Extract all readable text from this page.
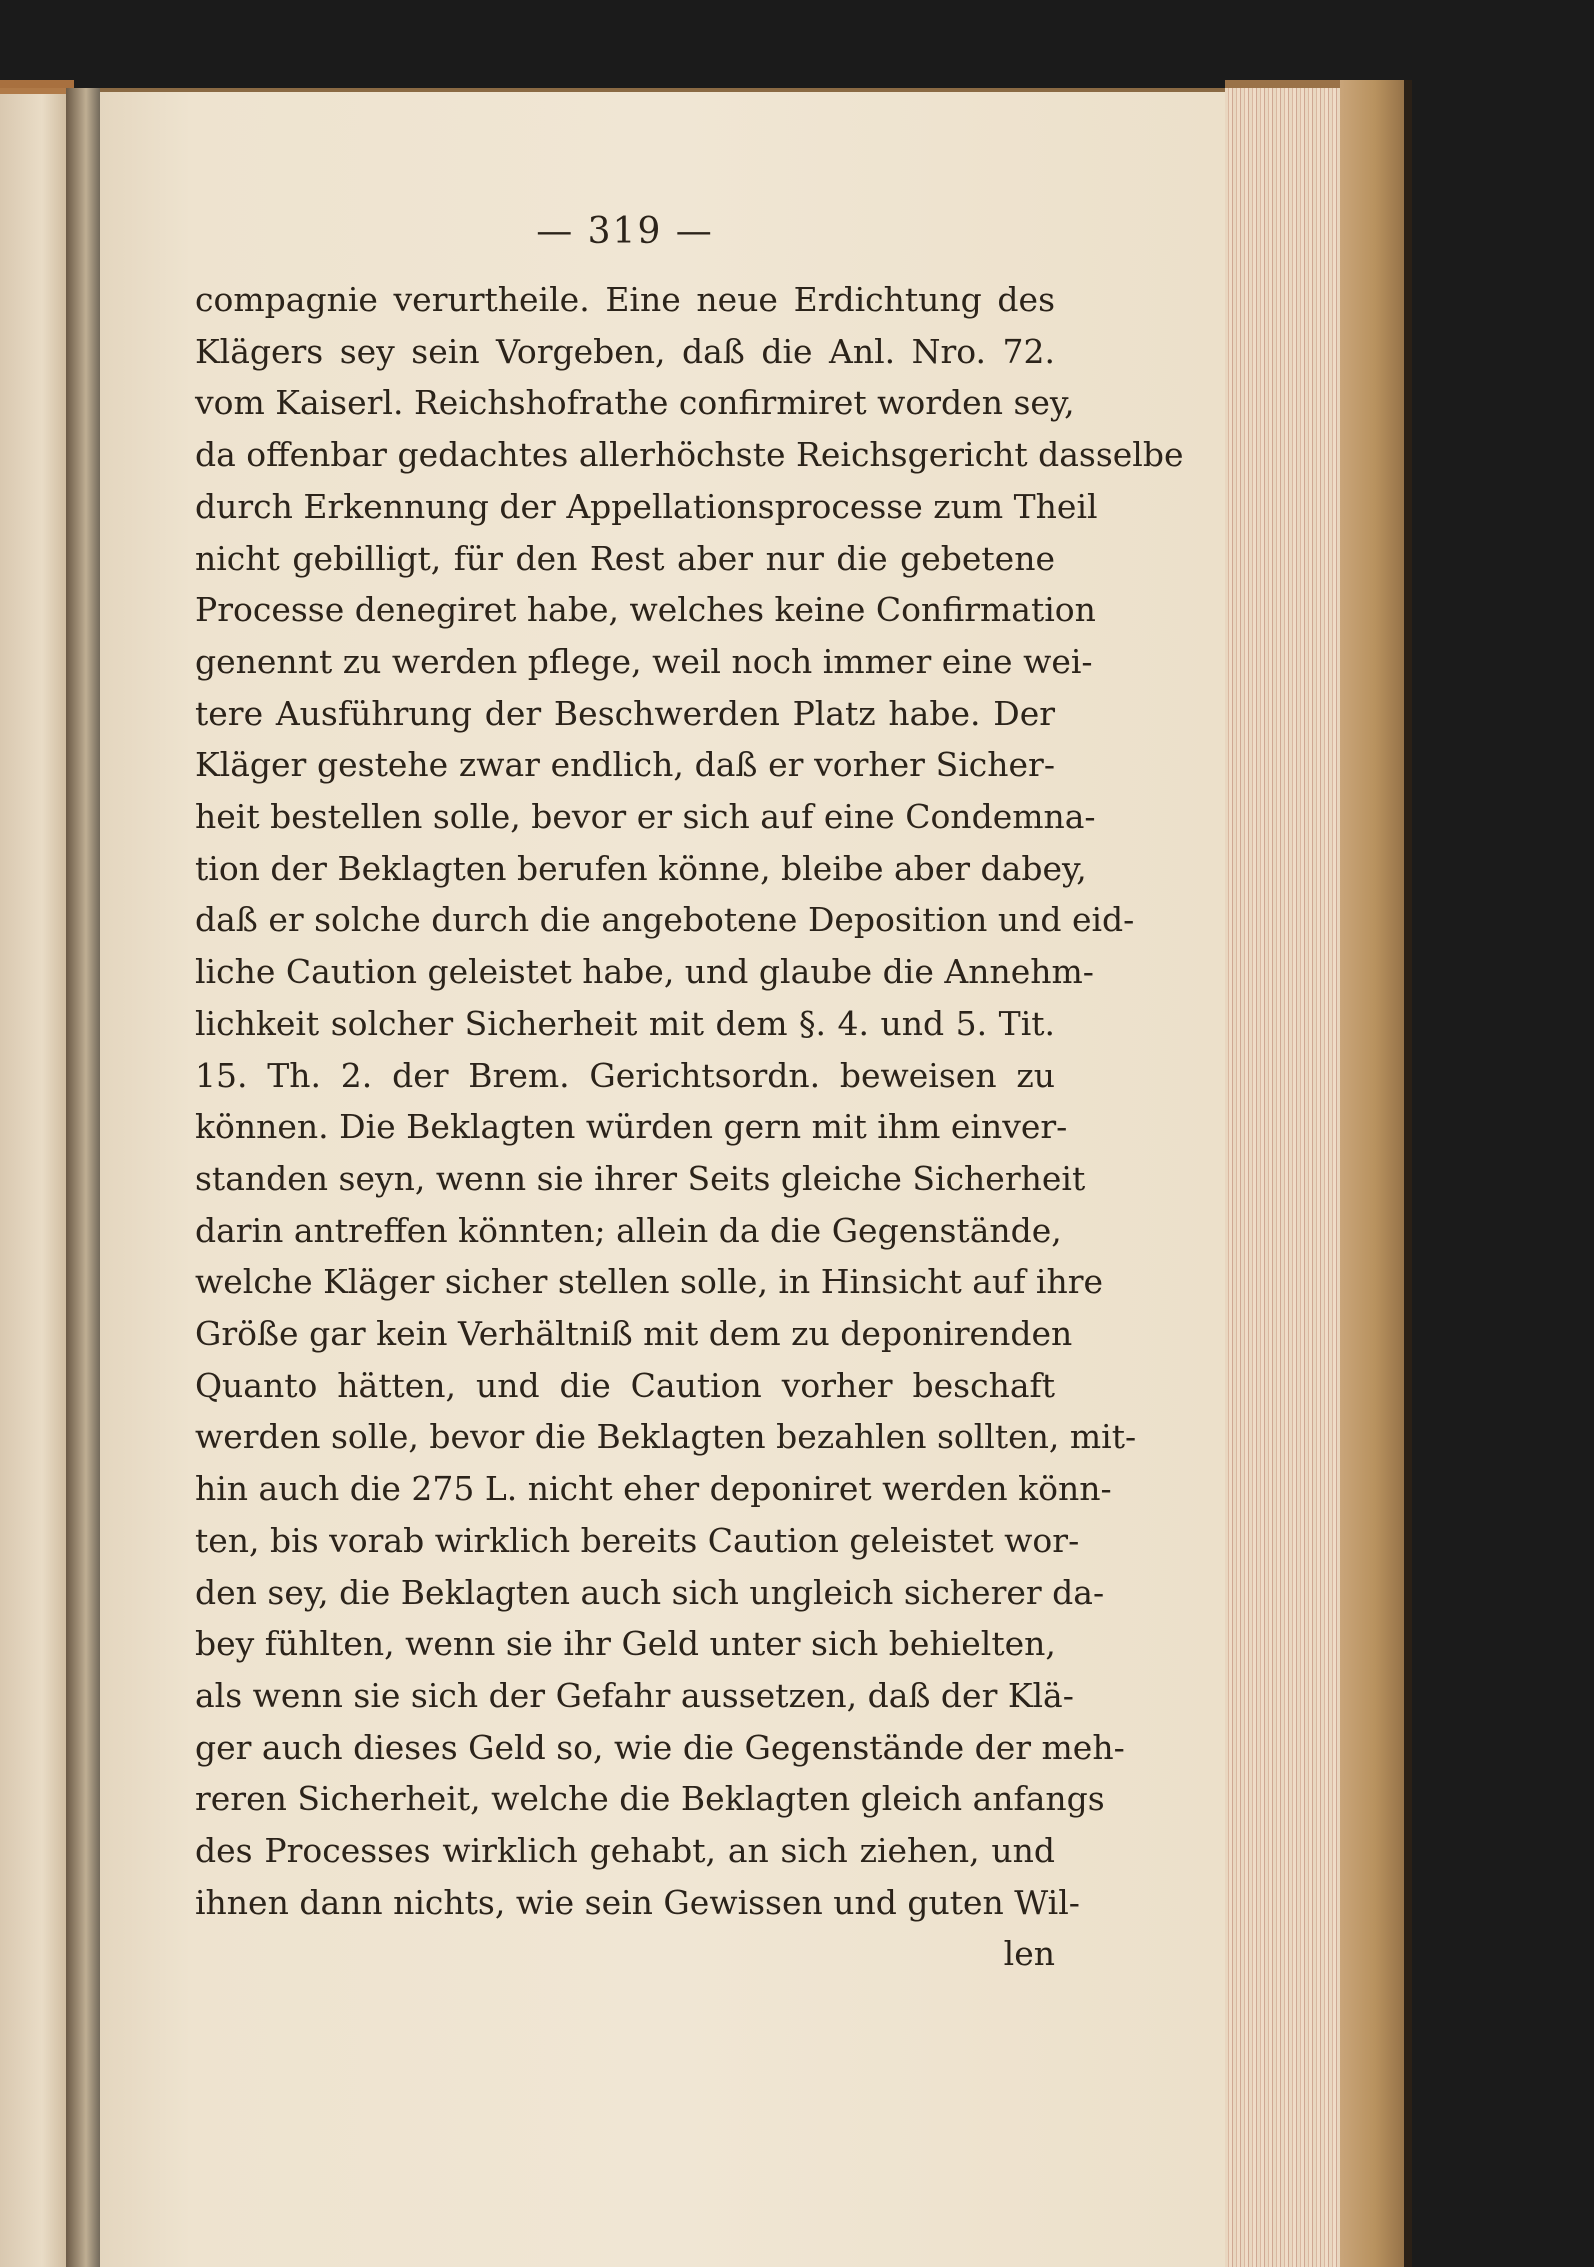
— 319 —
compagnie verurtheile. Eine neue Erdichtung des
Klägers sey sein Vorgeben, daß die Anl. Nro. 72.
vom Kaiserl. Reichshofrathe confirmiret worden sey,
da offenbar gedachtes allerhöchste Reichsgericht dasselbe
durch Erkennung der Appellationsprocesse zum Theil
nicht gebilligt, für den Rest aber nur die gebetene
Processe denegiret habe, welches keine Confirmation
genennt zu werden pflege, weil noch immer eine wei-
tere Ausführung der Beschwerden Platz habe. Der
Kläger gestehe zwar endlich, daß er vorher Sicher-
heit bestellen solle, bevor er sich auf eine Condemna-
tion der Beklagten berufen könne, bleibe aber dabey,
daß er solche durch die angebotene Deposition und eid-
liche Caution geleistet habe, und glaube die Annehm-
lichkeit solcher Sicherheit mit dem §. 4. und 5. Tit.
15. Th. 2. der Brem. Gerichtsordn. beweisen zu
können. Die Beklagten würden gern mit ihm einver-
standen seyn, wenn sie ihrer Seits gleiche Sicherheit
darin antreffen könnten; allein da die Gegenstände,
welche Kläger sicher stellen solle, in Hinsicht auf ihre
Größe gar kein Verhältniß mit dem zu deponirenden
Quanto hätten, und die Caution vorher beschaft
werden solle, bevor die Beklagten bezahlen sollten, mit-
hin auch die 275 L. nicht eher deponiret werden könn-
ten, bis vorab wirklich bereits Caution geleistet wor-
den sey, die Beklagten auch sich ungleich sicherer da-
bey fühlten, wenn sie ihr Geld unter sich behielten,
als wenn sie sich der Gefahr aussetzen, daß der Klä-
ger auch dieses Geld so, wie die Gegenstände der meh-
reren Sicherheit, welche die Beklagten gleich anfangs
des Processes wirklich gehabt, an sich ziehen, und
ihnen dann nichts, wie sein Gewissen und guten Wil-
len
